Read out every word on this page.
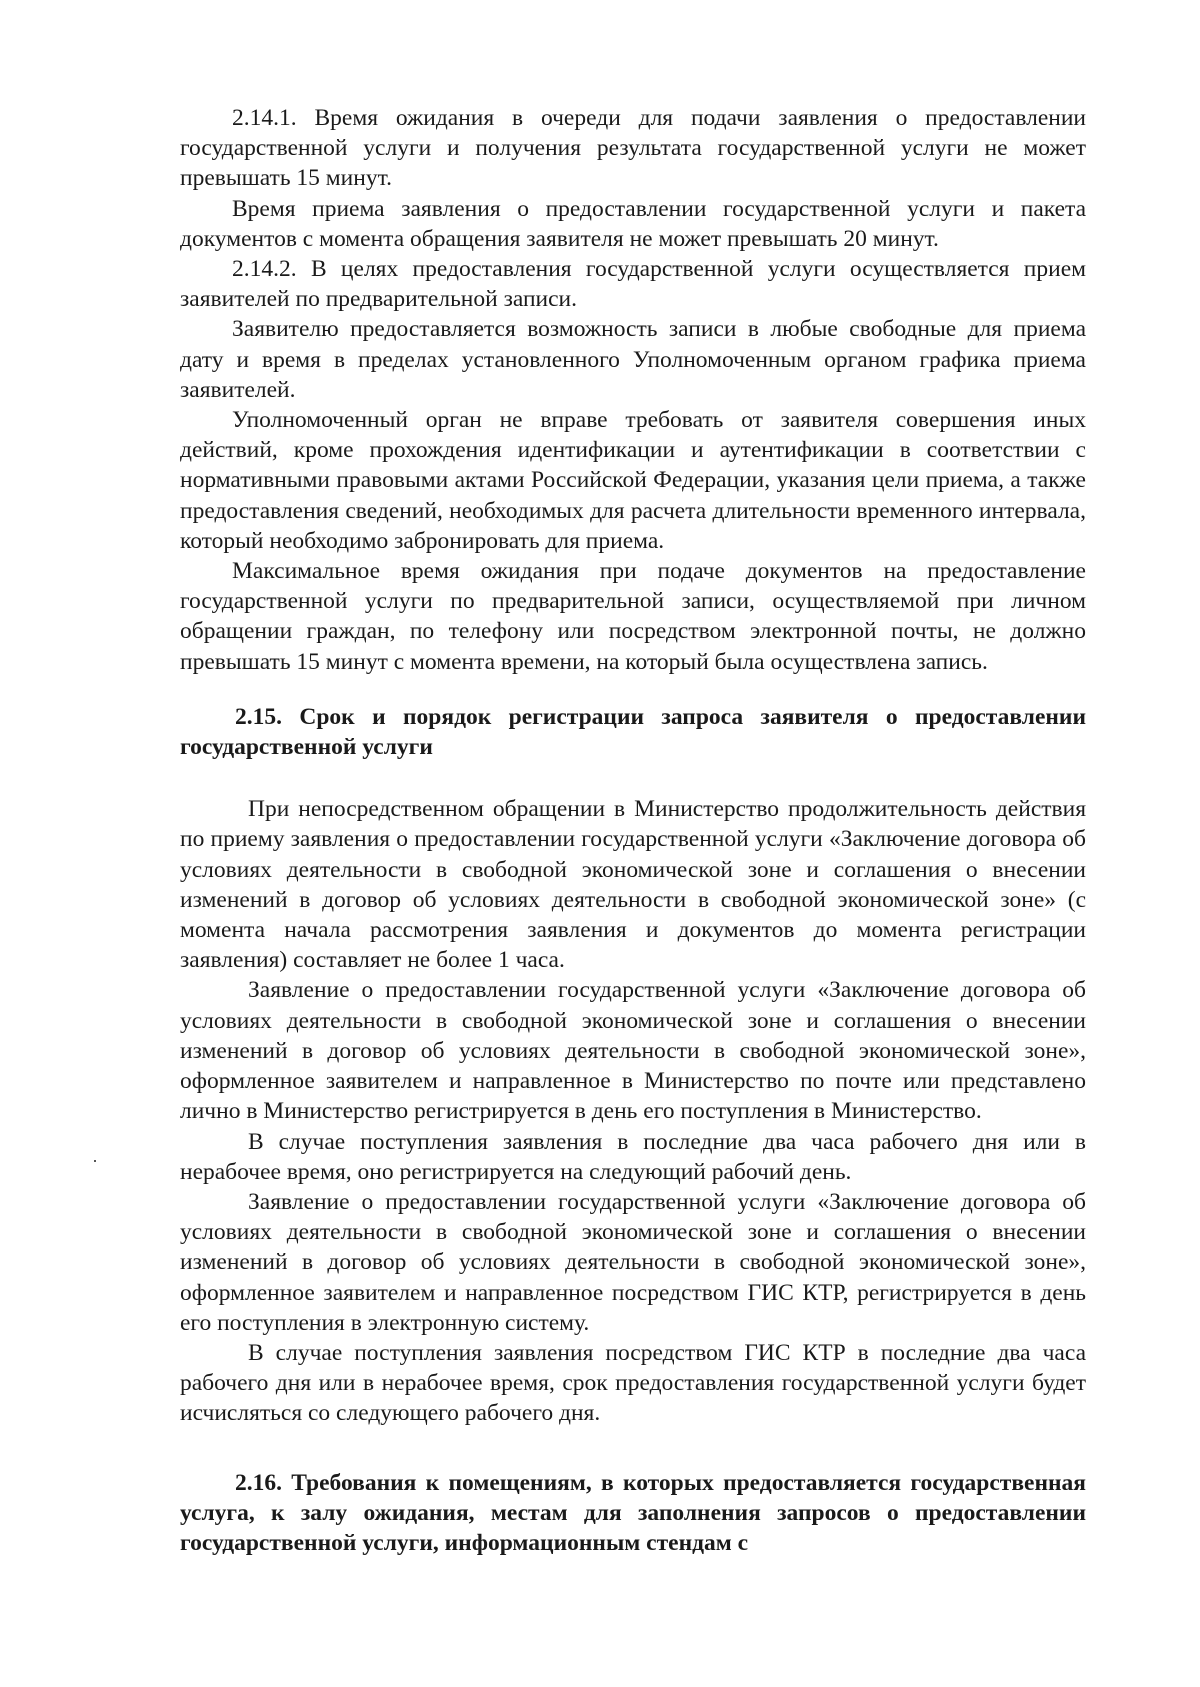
2.14.1. Время ожидания в очереди для подачи заявления о предоставлении государственной услуги и получения результата государственной услуги не может превышать 15 минут.

Время приема заявления о предоставлении государственной услуги и пакета документов с момента обращения заявителя не может превышать 20 минут.

2.14.2. В целях предоставления государственной услуги осуществляется прием заявителей по предварительной записи.

Заявителю предоставляется возможность записи в любые свободные для приема дату и время в пределах установленного Уполномоченным органом графика приема заявителей.

Уполномоченный орган не вправе требовать от заявителя совершения иных действий, кроме прохождения идентификации и аутентификации в соответствии с нормативными правовыми актами Российской Федерации, указания цели приема, а также предоставления сведений, необходимых для расчета длительности временного интервала, который необходимо забронировать для приема.

Максимальное время ожидания при подаче документов на предоставление государственной услуги по предварительной записи, осуществляемой при личном обращении граждан, по телефону или посредством электронной почты, не должно превышать 15 минут с момента времени, на который была осуществлена запись.

2.15. Срок и порядок регистрации запроса заявителя о предоставлении государственной услуги

При непосредственном обращении в Министерство продолжительность действия по приему заявления о предоставлении государственной услуги «Заключение договора об условиях деятельности в свободной экономической зоне и соглашения о внесении изменений в договор об условиях деятельности в свободной экономической зоне» (с момента начала рассмотрения заявления и документов до момента регистрации заявления) составляет не более 1 часа.

Заявление о предоставлении государственной услуги «Заключение договора об условиях деятельности в свободной экономической зоне и соглашения о внесении изменений в договор об условиях деятельности в свободной экономической зоне», оформленное заявителем и направленное в Министерство по почте или представлено лично в Министерство регистрируется в день его поступления в Министерство.

В случае поступления заявления в последние два часа рабочего дня или в нерабочее время, оно регистрируется на следующий рабочий день.

Заявление о предоставлении государственной услуги «Заключение договора об условиях деятельности в свободной экономической зоне и соглашения о внесении изменений в договор об условиях деятельности в свободной экономической зоне», оформленное заявителем и направленное посредством ГИС КТР, регистрируется в день его поступления в электронную систему.

В случае поступления заявления посредством ГИС КТР в последние два часа рабочего дня или в нерабочее время, срок предоставления государственной услуги будет исчисляться со следующего рабочего дня.

2.16. Требования к помещениям, в которых предоставляется государственная услуга, к залу ожидания, местам для заполнения запросов о предоставлении государственной услуги, информационным стендам с
